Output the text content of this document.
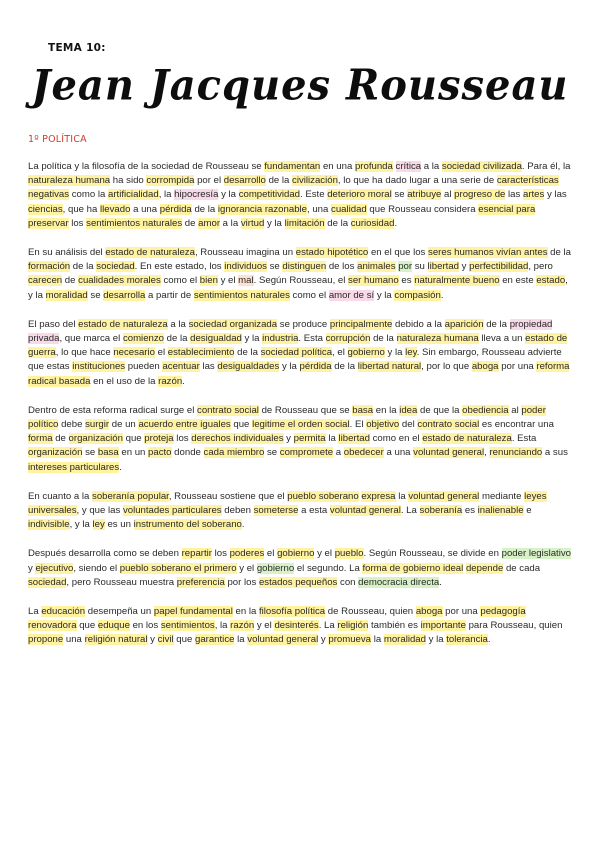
TEMA 10:
Jean Jacques Rousseau
1º POLÍTICA

La política y la filosofía de la sociedad de Rousseau se fundamentan en una profunda crítica a la sociedad civilizada. Para él, la naturaleza humana ha sido corrompida por el desarrollo de la civilización, lo que ha dado lugar a una serie de características negativas como la artificialidad, la hipocresía y la competitividad. Este deterioro moral se atribuye al progreso de las artes y las ciencias, que ha llevado a una pérdida de la ignorancia razonable, una cualidad que Rousseau considera esencial para preservar los sentimientos naturales de amor a la virtud y la limitación de la curiosidad.

En su análisis del estado de naturaleza, Rousseau imagina un estado hipotético en el que los seres humanos vivían antes de la formación de la sociedad. En este estado, los individuos se distinguen de los animales por su libertad y perfectibilidad, pero carecen de cualidades morales como el bien y el mal. Según Rousseau, el ser humano es naturalmente bueno en este estado, y la moralidad se desarrolla a partir de sentimientos naturales como el amor de sí y la compasión.

El paso del estado de naturaleza a la sociedad organizada se produce principalmente debido a la aparición de la propiedad privada, que marca el comienzo de la desigualdad y la industria. Esta corrupción de la naturaleza humana lleva a un estado de guerra, lo que hace necesario el establecimiento de la sociedad política, el gobierno y la ley. Sin embargo, Rousseau advierte que estas instituciones pueden acentuar las desigualdades y la pérdida de la libertad natural, por lo que aboga por una reforma radical basada en el uso de la razón.

Dentro de esta reforma radical surge el contrato social de Rousseau que se basa en la idea de que la obediencia al poder político debe surgir de un acuerdo entre iguales que legitime el orden social. El objetivo del contrato social es encontrar una forma de organización que proteja los derechos individuales y permita la libertad como en el estado de naturaleza. Esta organización se basa en un pacto donde cada miembro se compromete a obedecer a una voluntad general, renunciando a sus intereses particulares.

En cuanto a la soberanía popular, Rousseau sostiene que el pueblo soberano expresa la voluntad general mediante leyes universales, y que las voluntades particulares deben someterse a esta voluntad general. La soberanía es inalienable e indivisible, y la ley es un instrumento del soberano.

Después desarrolla como se deben repartir los poderes el gobierno y el pueblo. Según Rousseau, se divide en poder legislativo y ejecutivo, siendo el pueblo soberano el primero y el gobierno el segundo. La forma de gobierno ideal depende de cada sociedad, pero Rousseau muestra preferencia por los estados pequeños con democracia directa.

La educación desempeña un papel fundamental en la filosofía política de Rousseau, quien aboga por una pedagogía renovadora que eduque en los sentimientos, la razón y el desinterés. La religión también es importante para Rousseau, quien propone una religión natural y civil que garantice la voluntad general y promueva la moralidad y la tolerancia.
